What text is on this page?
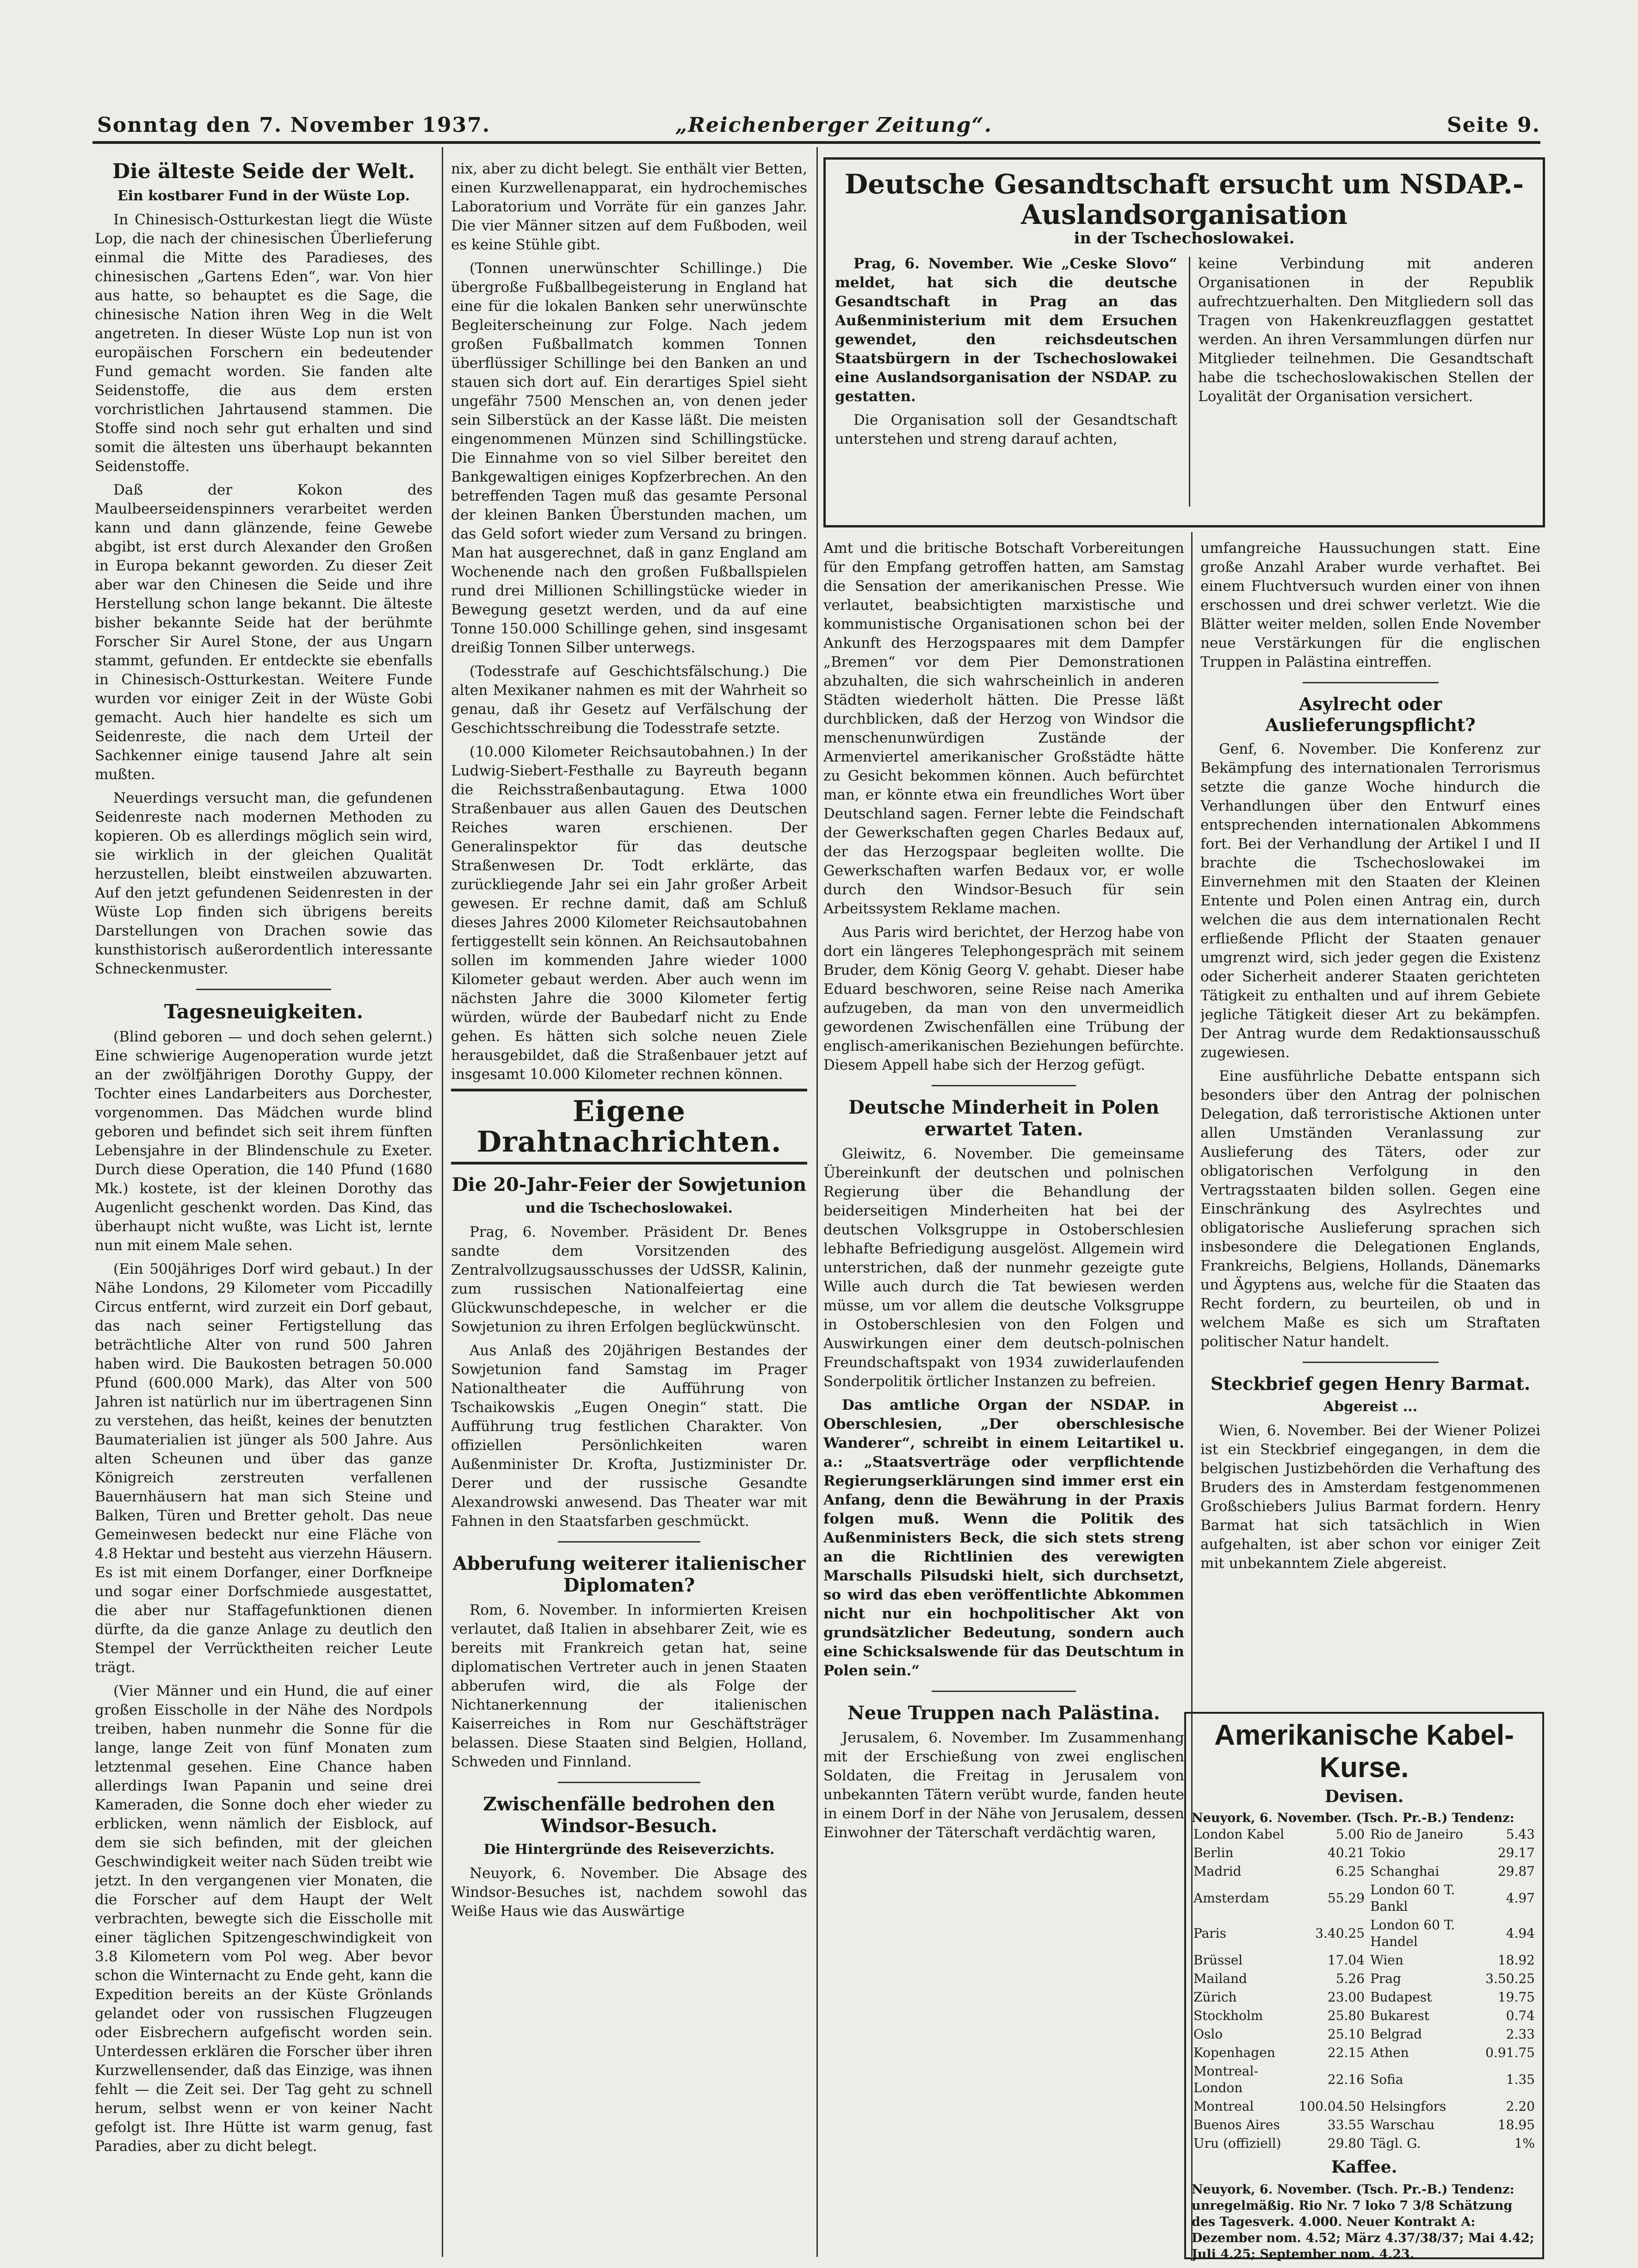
Sonntag den 7. November 1937.	„Reichenberger Zeitung“.	Seite 9.
Die älteste Seide der Welt.
Ein kostbarer Fund in der Wüste Lop.

In Chinesisch-Ostturkestan liegt die Wüste Lop, die nach der chinesischen Überlieferung einmal die Mitte des Paradieses, des chinesischen „Gartens Eden“, war. Von hier aus hatte, so behauptet es die Sage, die chinesische Nation ihren Weg in die Welt angetreten. In dieser Wüste Lop nun ist von europäischen Forschern ein bedeutender Fund gemacht worden. Sie fanden alte Seidenstoffe, die aus dem ersten vorchristlichen Jahrtausend stammen. Die Stoffe sind noch sehr gut erhalten und sind somit die ältesten uns überhaupt bekannten Seidenstoffe.

Daß der Kokon des Maulbeerseidenspinners verarbeitet werden kann und dann glänzende, feine Gewebe abgibt, ist erst durch Alexander den Großen in Europa bekannt geworden. Zu dieser Zeit aber war den Chinesen die Seide und ihre Herstellung schon lange bekannt. Die älteste bisher bekannte Seide hat der berühmte Forscher Sir Aurel Stone, der aus Ungarn stammt, gefunden. Er entdeckte sie ebenfalls in Chinesisch-Ostturkestan. Weitere Funde wurden vor einiger Zeit in der Wüste Gobi gemacht. Auch hier handelte es sich um Seidenreste, die nach dem Urteil der Sachkenner einige tausend Jahre alt sein mußten.

Neuerdings versucht man, die gefundenen Seidenreste nach modernen Methoden zu kopieren. Ob es allerdings möglich sein wird, sie wirklich in der gleichen Qualität herzustellen, bleibt einstweilen abzuwarten. Auf den jetzt gefundenen Seidenresten in der Wüste Lop finden sich übrigens bereits Darstellungen von Drachen sowie das kunsthistorisch außerordentlich interessante Schneckenmuster.

Tagesneuigkeiten.

(Blind geboren — und doch sehen gelernt.) Eine schwierige Augenoperation wurde jetzt an der zwölfjährigen Dorothy Guppy, der Tochter eines Landarbeiters aus Dorchester, vorgenommen. Das Mädchen wurde blind geboren und befindet sich seit ihrem fünften Lebensjahre in der Blindenschule zu Exeter. Durch diese Operation, die 140 Pfund (1680 Mk.) kostete, ist der kleinen Dorothy das Augenlicht geschenkt worden. Das Kind, das überhaupt nicht wußte, was Licht ist, lernte nun mit einem Male sehen.

(Ein 500jähriges Dorf wird gebaut.) In der Nähe Londons, 29 Kilometer vom Piccadilly Circus entfernt, wird zurzeit ein Dorf gebaut, das nach seiner Fertigstellung das beträchtliche Alter von rund 500 Jahren haben wird. Die Baukosten betragen 50.000 Pfund (600.000 Mark), das Alter von 500 Jahren ist natürlich nur im übertragenen Sinn zu verstehen, das heißt, keines der benutzten Baumaterialien ist jünger als 500 Jahre. Aus alten Scheunen und über das ganze Königreich zerstreuten verfallenen Bauernhäusern hat man sich Steine und Balken, Türen und Bretter geholt. Das neue Gemeinwesen bedeckt nur eine Fläche von 4.8 Hektar und besteht aus vierzehn Häusern. Es ist mit einem Dorfanger, einer Dorfkneipe und sogar einer Dorfschmiede ausgestattet, die aber nur Staffagefunktionen dienen dürfte, da die ganze Anlage zu deutlich den Stempel der Verrücktheiten reicher Leute trägt.

(Vier Männer und ein Hund, die auf einer großen Eisscholle in der Nähe des Nordpols treiben, haben nunmehr die Sonne für die lange, lange Zeit von fünf Monaten zum letztenmal gesehen. Eine Chance haben allerdings Iwan Papanin und seine drei Kameraden, die Sonne doch eher wieder zu erblicken, wenn nämlich der Eisblock, auf dem sie sich befinden, mit der gleichen Geschwindigkeit weiter nach Süden treibt wie jetzt. In den vergangenen vier Monaten, die die Forscher auf dem Haupt der Welt verbrachten, bewegte sich die Eisscholle mit einer täglichen Spitzengeschwindigkeit von 3.8 Kilometern vom Pol weg. Aber bevor schon die Winternacht zu Ende geht, kann die Expedition bereits an der Küste Grönlands gelandet oder von russischen Flugzeugen oder Eisbrechern aufgefischt worden sein. Unterdessen erklären die Forscher über ihren Kurzwellensender, daß das Einzige, was ihnen fehlt — die Zeit sei. Der Tag geht zu schnell herum, selbst wenn er von keiner Nacht gefolgt ist. Ihre Hütte ist warm genug, fast Paradies, aber zu dicht belegt.

nix, aber zu dicht belegt. Sie enthält vier Betten, einen Kurzwellenapparat, ein hydrochemisches Laboratorium und Vorräte für ein ganzes Jahr. Die vier Männer sitzen auf dem Fußboden, weil es keine Stühle gibt.

(Tonnen unerwünschter Schillinge.) Die übergroße Fußballbegeisterung in England hat eine für die lokalen Banken sehr unerwünschte Begleiterscheinung zur Folge. Nach jedem großen Fußballmatch kommen Tonnen überflüssiger Schillinge bei den Banken an und stauen sich dort auf. Ein derartiges Spiel sieht ungefähr 7500 Menschen an, von denen jeder sein Silberstück an der Kasse läßt. Die meisten eingenommenen Münzen sind Schillingstücke. Die Einnahme von so viel Silber bereitet den Bankgewaltigen einiges Kopfzerbrechen. An den betreffenden Tagen muß das gesamte Personal der kleinen Banken Überstunden machen, um das Geld sofort wieder zum Versand zu bringen. Man hat ausgerechnet, daß in ganz England am Wochenende nach den großen Fußballspielen rund drei Millionen Schillingstücke wieder in Bewegung gesetzt werden, und da auf eine Tonne 150.000 Schillinge gehen, sind insgesamt dreißig Tonnen Silber unterwegs.

(Todesstrafe auf Geschichtsfälschung.) Die alten Mexikaner nahmen es mit der Wahrheit so genau, daß ihr Gesetz auf Verfälschung der Geschichtsschreibung die Todesstrafe setzte.

(10.000 Kilometer Reichsautobahnen.) In der Ludwig-Siebert-Festhalle zu Bayreuth begann die Reichsstraßenbautagung. Etwa 1000 Straßenbauer aus allen Gauen des Deutschen Reiches waren erschienen. Der Generalinspektor für das deutsche Straßenwesen Dr. Todt erklärte, das zurückliegende Jahr sei ein Jahr großer Arbeit gewesen. Er rechne damit, daß am Schluß dieses Jahres 2000 Kilometer Reichsautobahnen fertiggestellt sein können. An Reichsautobahnen sollen im kommenden Jahre wieder 1000 Kilometer gebaut werden. Aber auch wenn im nächsten Jahre die 3000 Kilometer fertig würden, würde der Baubedarf nicht zu Ende gehen. Es hätten sich solche neuen Ziele herausgebildet, daß die Straßenbauer jetzt auf insgesamt 10.000 Kilometer rechnen können.

Eigene Drahtnachrichten.
Die 20-Jahr-Feier der Sowjetunion
und die Tschechoslowakei.

Prag, 6. November. Präsident Dr. Benes sandte dem Vorsitzenden des Zentralvollzugsausschusses der UdSSR, Kalinin, zum russischen Nationalfeiertag eine Glückwunschdepesche, in welcher er die Sowjetunion zu ihren Erfolgen beglückwünscht.

Aus Anlaß des 20jährigen Bestandes der Sowjetunion fand Samstag im Prager Nationaltheater die Aufführung von Tschaikowskis „Eugen Onegin“ statt. Die Aufführung trug festlichen Charakter. Von offiziellen Persönlichkeiten waren Außenminister Dr. Krofta, Justizminister Dr. Derer und der russische Gesandte Alexandrowski anwesend. Das Theater war mit Fahnen in den Staatsfarben geschmückt.

Abberufung weiterer italienischer Diplomaten?

Rom, 6. November. In informierten Kreisen verlautet, daß Italien in absehbarer Zeit, wie es bereits mit Frankreich getan hat, seine diplomatischen Vertreter auch in jenen Staaten abberufen wird, die als Folge der Nichtanerkennung der italienischen Kaiserreiches in Rom nur Geschäftsträger belassen. Diese Staaten sind Belgien, Holland, Schweden und Finnland.

Zwischenfälle bedrohen den Windsor-Besuch.
Die Hintergründe des Reiseverzichts.

Neuyork, 6. November. Die Absage des Windsor-Besuches ist, nachdem sowohl das Weiße Haus wie das Auswärtige

Deutsche Gesandtschaft ersucht um NSDAP.-Auslandsorganisation
in der Tschechoslowakei.

Prag, 6. November. Wie „Ceske Slovo“ meldet, hat sich die deutsche Gesandtschaft in Prag an das Außenministerium mit dem Ersuchen gewendet, den reichsdeutschen Staatsbürgern in der Tschechoslowakei eine Auslandsorganisation der NSDAP. zu gestatten.

Die Organisation soll der Gesandtschaft unterstehen und streng darauf achten,

keine Verbindung mit anderen Organisationen in der Republik aufrechtzuerhalten. Den Mitgliedern soll das Tragen von Hakenkreuzflaggen gestattet werden. An ihren Versammlungen dürfen nur Mitglieder teilnehmen. Die Gesandtschaft habe die tschechoslowakischen Stellen der Loyalität der Organisation versichert.

Amt und die britische Botschaft Vorbereitungen für den Empfang getroffen hatten, am Samstag die Sensation der amerikanischen Presse. Wie verlautet, beabsichtigten marxistische und kommunistische Organisationen schon bei der Ankunft des Herzogspaares mit dem Dampfer „Bremen“ vor dem Pier Demonstrationen abzuhalten, die sich wahrscheinlich in anderen Städten wiederholt hätten. Die Presse läßt durchblicken, daß der Herzog von Windsor die menschenunwürdigen Zustände der Armenviertel amerikanischer Großstädte hätte zu Gesicht bekommen können. Auch befürchtet man, er könnte etwa ein freundliches Wort über Deutschland sagen. Ferner lebte die Feindschaft der Gewerkschaften gegen Charles Bedaux auf, der das Herzogspaar begleiten wollte. Die Gewerkschaften warfen Bedaux vor, er wolle durch den Windsor-Besuch für sein Arbeitssystem Reklame machen.

Aus Paris wird berichtet, der Herzog habe von dort ein längeres Telephongespräch mit seinem Bruder, dem König Georg V. gehabt. Dieser habe Eduard beschworen, seine Reise nach Amerika aufzugeben, da man von den unvermeidlich gewordenen Zwischenfällen eine Trübung der englisch-amerikanischen Beziehungen befürchte. Diesem Appell habe sich der Herzog gefügt.

Deutsche Minderheit in Polen erwartet Taten.

Gleiwitz, 6. November. Die gemeinsame Übereinkunft der deutschen und polnischen Regierung über die Behandlung der beiderseitigen Minderheiten hat bei der deutschen Volksgruppe in Ostoberschlesien lebhafte Befriedigung ausgelöst. Allgemein wird unterstrichen, daß der nunmehr gezeigte gute Wille auch durch die Tat bewiesen werden müsse, um vor allem die deutsche Volksgruppe in Ostoberschlesien von den Folgen und Auswirkungen einer dem deutsch-polnischen Freundschaftspakt von 1934 zuwiderlaufenden Sonderpolitik örtlicher Instanzen zu befreien.

Das amtliche Organ der NSDAP. in Oberschlesien, „Der oberschlesische Wanderer“, schreibt in einem Leitartikel u. a.: „Staatsverträge oder verpflichtende Regierungserklärungen sind immer erst ein Anfang, denn die Bewährung in der Praxis folgen muß. Wenn die Politik des Außenministers Beck, die sich stets streng an die Richtlinien des verewigten Marschalls Pilsudski hielt, sich durchsetzt, so wird das eben veröffentlichte Abkommen nicht nur ein hochpolitischer Akt von grundsätzlicher Bedeutung, sondern auch eine Schicksalswende für das Deutschtum in Polen sein.“

Neue Truppen nach Palästina.

Jerusalem, 6. November. Im Zusammenhang mit der Erschießung von zwei englischen Soldaten, die Freitag in Jerusalem von unbekannten Tätern verübt wurde, fanden heute in einem Dorf in der Nähe von Jerusalem, dessen Einwohner der Täterschaft verdächtig waren,

umfangreiche Haussuchungen statt. Eine große Anzahl Araber wurde verhaftet. Bei einem Fluchtversuch wurden einer von ihnen erschossen und drei schwer verletzt. Wie die Blätter weiter melden, sollen Ende November neue Verstärkungen für die englischen Truppen in Palästina eintreffen.

Asylrecht oder Auslieferungspflicht?

Genf, 6. November. Die Konferenz zur Bekämpfung des internationalen Terrorismus setzte die ganze Woche hindurch die Verhandlungen über den Entwurf eines entsprechenden internationalen Abkommens fort. Bei der Verhandlung der Artikel I und II brachte die Tschechoslowakei im Einvernehmen mit den Staaten der Kleinen Entente und Polen einen Antrag ein, durch welchen die aus dem internationalen Recht erfließende Pflicht der Staaten genauer umgrenzt wird, sich jeder gegen die Existenz oder Sicherheit anderer Staaten gerichteten Tätigkeit zu enthalten und auf ihrem Gebiete jegliche Tätigkeit dieser Art zu bekämpfen. Der Antrag wurde dem Redaktionsausschuß zugewiesen.

Eine ausführliche Debatte entspann sich besonders über den Antrag der polnischen Delegation, daß terroristische Aktionen unter allen Umständen Veranlassung zur Auslieferung des Täters, oder zur obligatorischen Verfolgung in den Vertragsstaaten bilden sollen. Gegen eine Einschränkung des Asylrechtes und obligatorische Auslieferung sprachen sich insbesondere die Delegationen Englands, Frankreichs, Belgiens, Hollands, Dänemarks und Ägyptens aus, welche für die Staaten das Recht fordern, zu beurteilen, ob und in welchem Maße es sich um Straftaten politischer Natur handelt.

Steckbrief gegen Henry Barmat.
Abgereist ...

Wien, 6. November. Bei der Wiener Polizei ist ein Steckbrief eingegangen, in dem die belgischen Justizbehörden die Verhaftung des Bruders des in Amsterdam festgenommenen Großschiebers Julius Barmat fordern. Henry Barmat hat sich tatsächlich in Wien aufgehalten, ist aber schon vor einiger Zeit mit unbekanntem Ziele abgereist.

Amerikanische Kabel-
Kurse.
Devisen.
Neuyork, 6. November. (Tsch. Pr.-B.) Tendenz:
London Kabel	5.00	Rio de Janeiro	5.43
Berlin	40.21	Tokio	29.17
Madrid	6.25	Schanghai	29.87
Amsterdam	55.29	London 60 T. Bankl	4.97
Paris	3.40.25	London 60 T. Handel	4.94
Brüssel	17.04	Wien	18.92
Mailand	5.26	Prag	3.50.25
Zürich	23.00	Budapest	19.75
Stockholm	25.80	Bukarest	0.74
Oslo	25.10	Belgrad	2.33
Kopenhagen	22.15	Athen	0.91.75
Montreal-London	22.16	Sofia	1.35
Montreal	100.04.50	Helsingfors	2.20
Buenos Aires	33.55	Warschau	18.95
Uru (offiziell)	29.80	Tägl. G.	1%
Kaffee.
Neuyork, 6. November. (Tsch. Pr.-B.) Tendenz: unregelmäßig. Rio Nr. 7 loko 7 3/8 Schätzung des Tagesverk. 4.000. Neuer Kontrakt A: Dezember nom. 4.52; März 4.37/38/37; Mai 4.42; Juli 4.25; September nom. 4.23.
